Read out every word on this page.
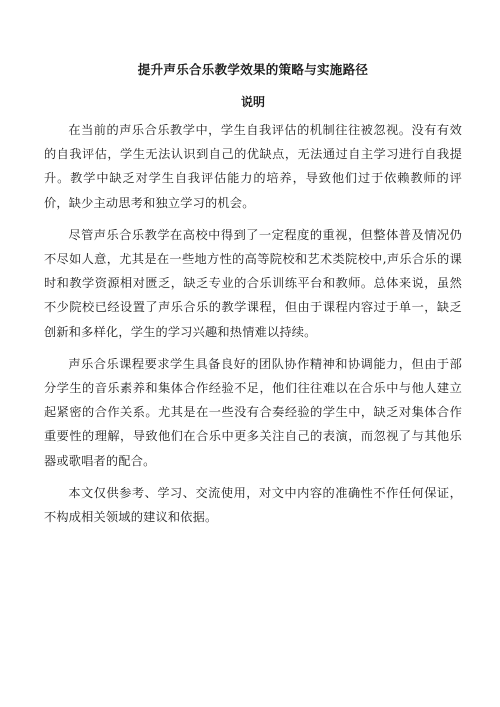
提升声乐合乐教学效果的策略与实施路径
说明

在当前的声乐合乐教学中，学生自我评估的机制往往被忽视。没有有效的自我评估，学生无法认识到自己的优缺点，无法通过自主学习进行自我提升。教学中缺乏对学生自我评估能力的培养，导致他们过于依赖教师的评价，缺少主动思考和独立学习的机会。

尽管声乐合乐教学在高校中得到了一定程度的重视，但整体普及情况仍不尽如人意，尤其是在一些地方性的高等院校和艺术类院校中,声乐合乐的课时和教学资源相对匮乏，缺乏专业的合乐训练平台和教师。总体来说，虽然不少院校已经设置了声乐合乐的教学课程，但由于课程内容过于单一，缺乏创新和多样化，学生的学习兴趣和热情难以持续。

声乐合乐课程要求学生具备良好的团队协作精神和协调能力，但由于部分学生的音乐素养和集体合作经验不足，他们往往难以在合乐中与他人建立起紧密的合作关系。尤其是在一些没有合奏经验的学生中，缺乏对集体合作重要性的理解，导致他们在合乐中更多关注自己的表演，而忽视了与其他乐器或歌唱者的配合。

本文仅供参考、学习、交流使用，对文中内容的准确性不作任何保证，不构成相关领域的建议和依据。
